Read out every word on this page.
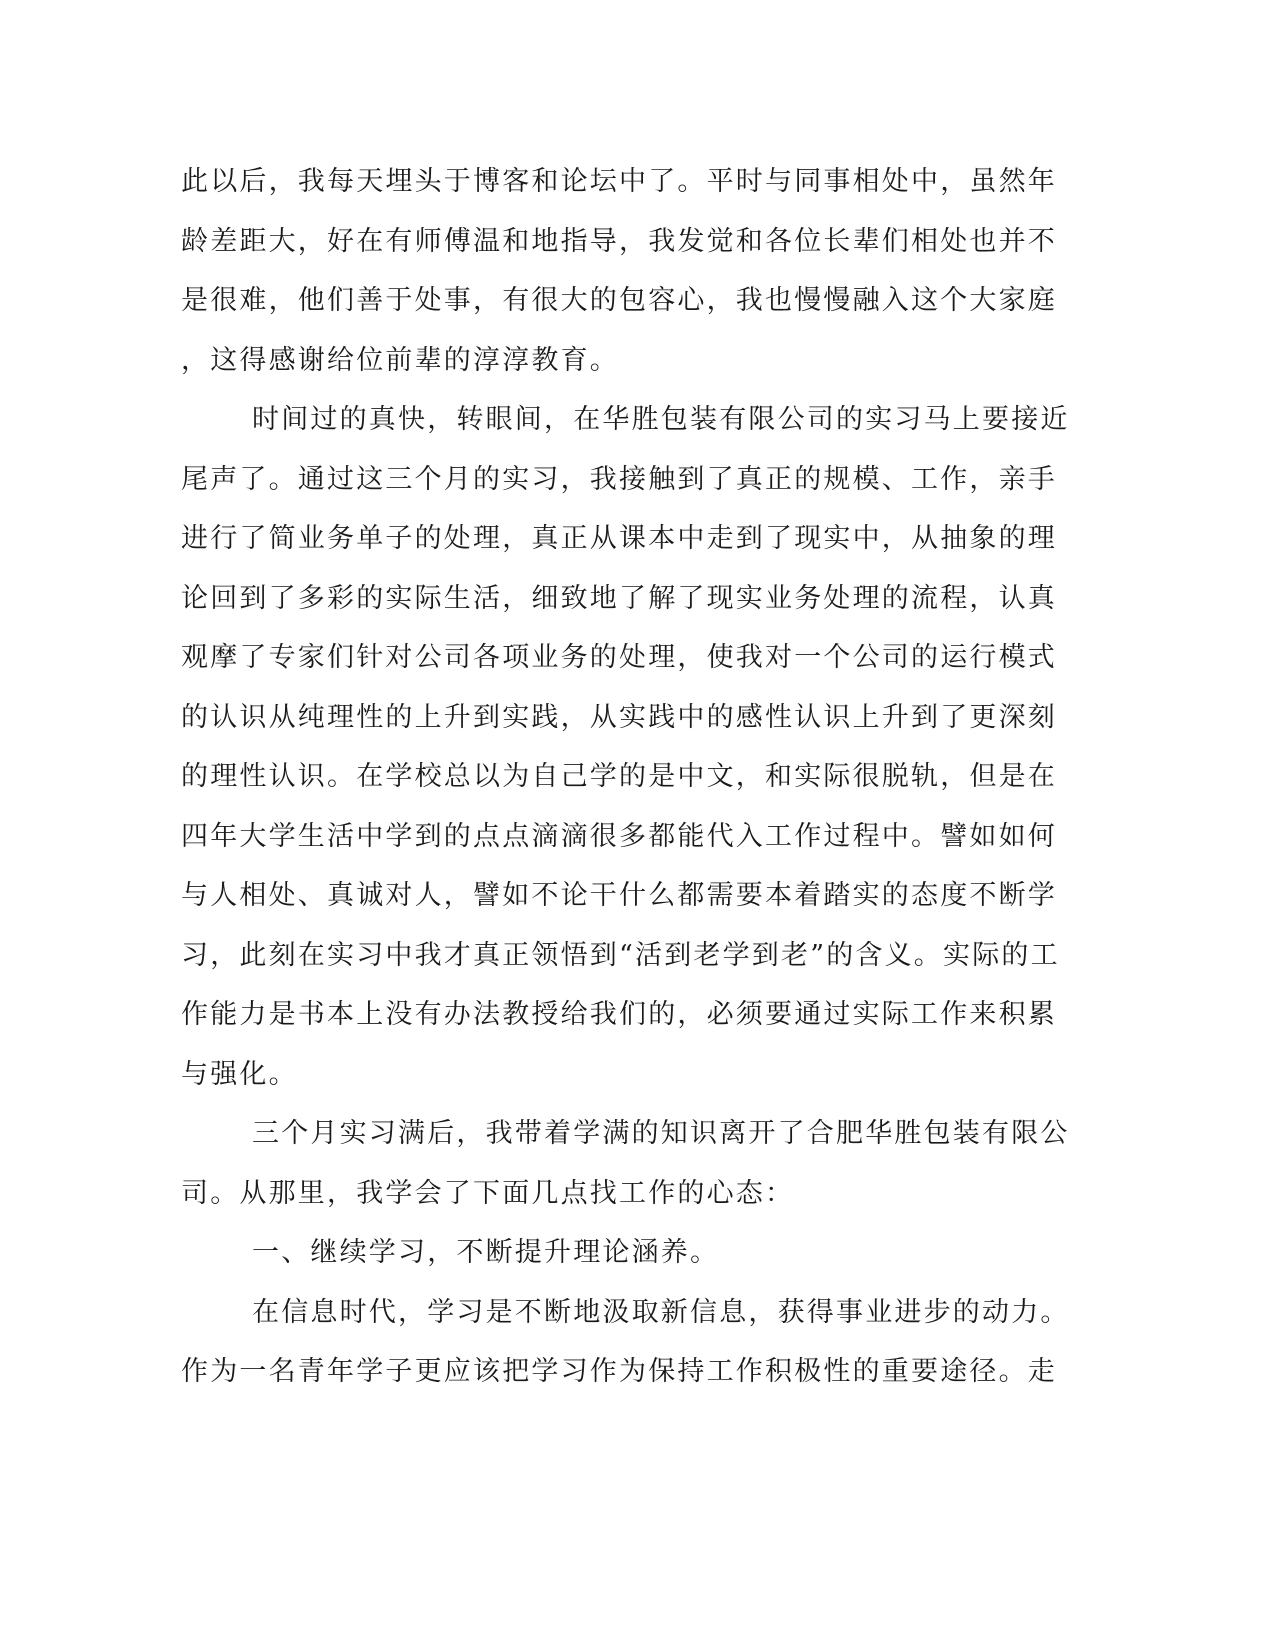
此以后，我每天埋头于博客和论坛中了。平时与同事相处中，虽然年
龄差距大，好在有师傅温和地指导，我发觉和各位长辈们相处也并不
是很难，他们善于处事，有很大的包容心，我也慢慢融入这个大家庭
，这得感谢给位前辈的淳淳教育。
时间过的真快，转眼间，在华胜包装有限公司的实习马上要接近
尾声了。通过这三个月的实习，我接触到了真正的规模、工作，亲手
进行了简业务单子的处理，真正从课本中走到了现实中，从抽象的理
论回到了多彩的实际生活，细致地了解了现实业务处理的流程，认真
观摩了专家们针对公司各项业务的处理，使我对一个公司的运行模式
的认识从纯理性的上升到实践，从实践中的感性认识上升到了更深刻
的理性认识。在学校总以为自己学的是中文，和实际很脱轨，但是在
四年大学生活中学到的点点滴滴很多都能代入工作过程中。譬如如何
与人相处、真诚对人，譬如不论干什么都需要本着踏实的态度不断学
习，此刻在实习中我才真正领悟到“活到老学到老”的含义。实际的工
作能力是书本上没有办法教授给我们的，必须要通过实际工作来积累
与强化。
三个月实习满后，我带着学满的知识离开了合肥华胜包装有限公
司。从那里，我学会了下面几点找工作的心态：
一、继续学习，不断提升理论涵养。
在信息时代，学习是不断地汲取新信息，获得事业进步的动力。
作为一名青年学子更应该把学习作为保持工作积极性的重要途径。走
